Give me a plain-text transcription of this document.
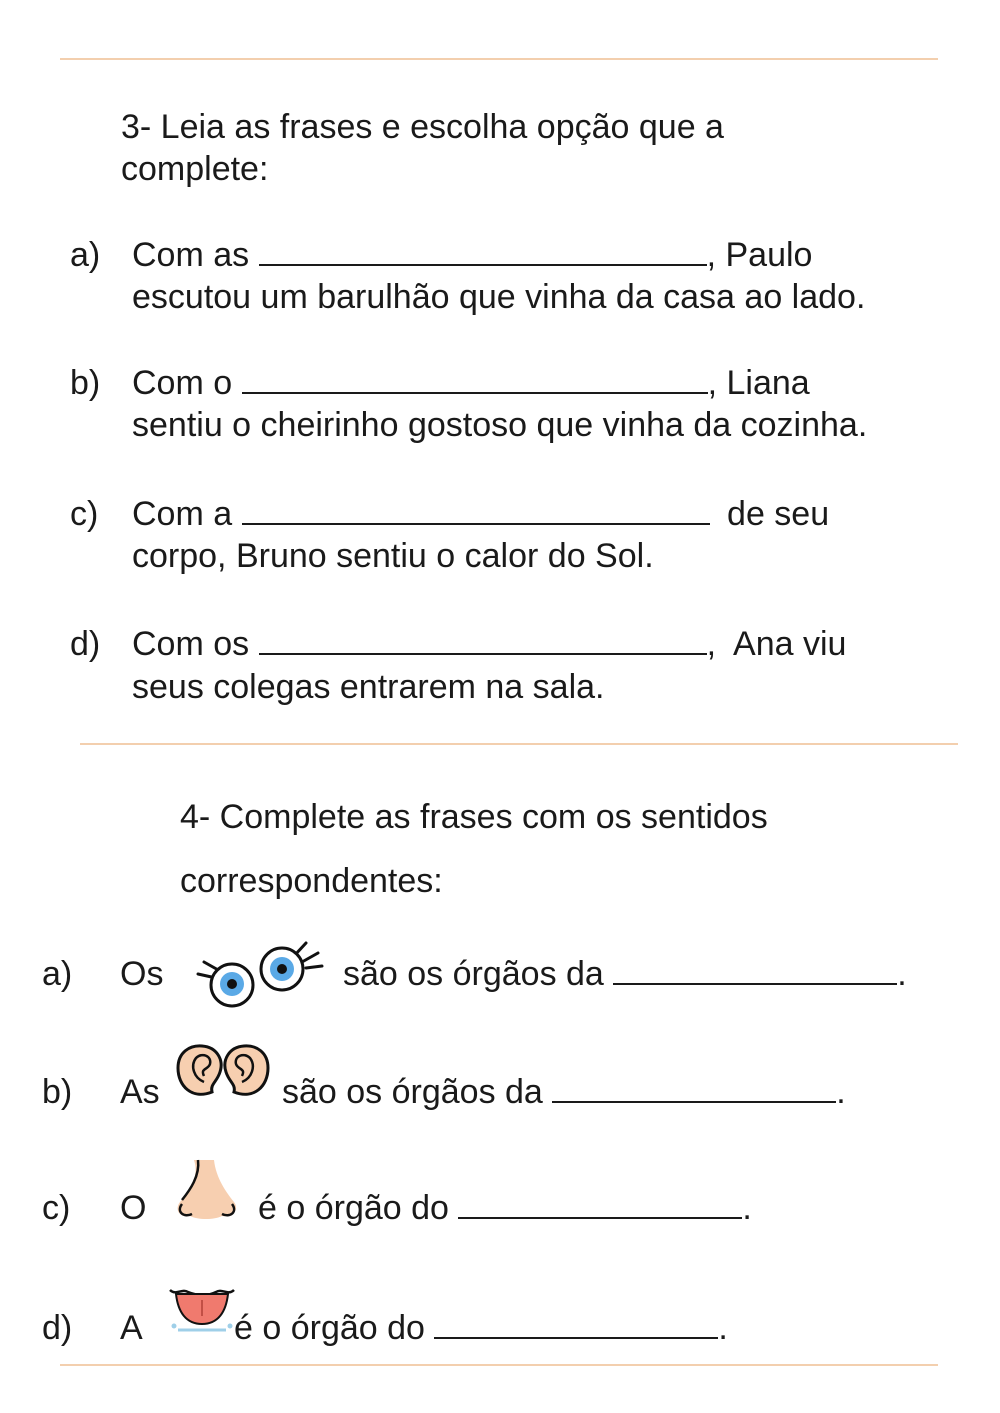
3- Leia as frases e escolha opção que a
complete:
a) Com as	, Paulo
escutou um barulhão que vinha da casa ao lado.
b) Com o	, Liana
sentiu o cheirinho gostoso que vinha da cozinha.
c) Com a	de seu
corpo, Bruno sentiu o calor do Sol.
d) Com os	,  Ana viu
seus colegas entrarem na sala.
4- Complete as frases com os sentidos
correspondentes:
a) Os	são os órgãos da	.
b) As	são os órgãos da	.
c) O	é o órgão do	.
d) A	é o órgão do	.
